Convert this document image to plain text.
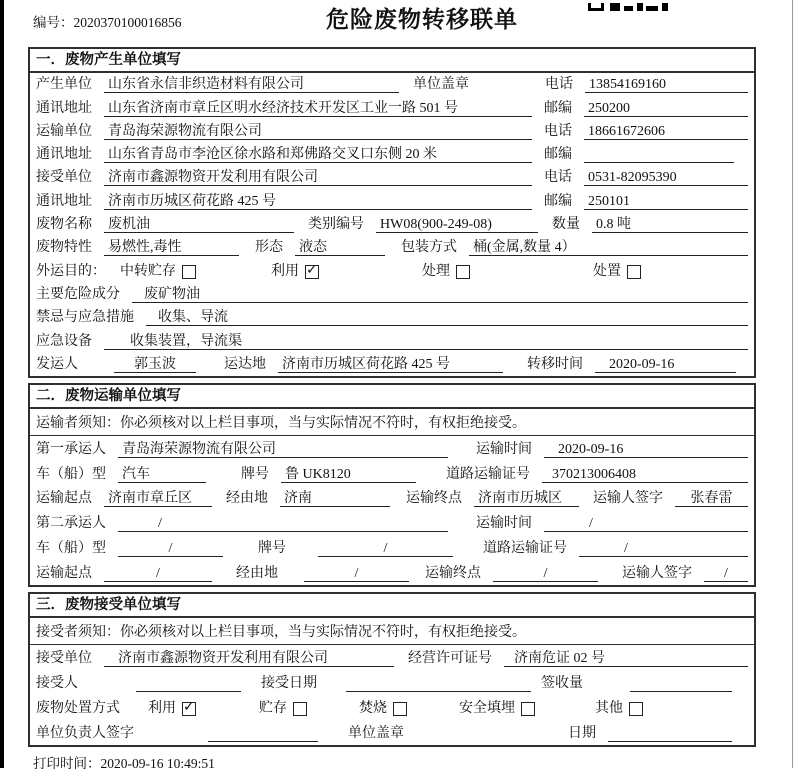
编号：2020370100016856	危险废物转移联单
一．废物产生单位填写
产生单位 山东省永信非织造材料有限公司	单位盖章	电话 13854169160
通讯地址 山东省济南市章丘区明水经济技术开发区工业一路 501 号	邮编 250200
运输单位 青岛海荣源物流有限公司	电话 18661672606
通讯地址 山东省青岛市李沧区徐水路和郑佛路交叉口东侧 20 米	邮编
接受单位 济南市鑫源物资开发利用有限公司	电话 0531-82095390
通讯地址 济南市历城区荷花路 425 号	邮编 250101
废物名称 废机油	类别编号 HW08(900-249-08)	数量 0.8 吨
废物特性 易燃性,毒性	形态 液态	包装方式 桶(金属,数量 4）
外运目的： 中转贮存	利用 ✓	处理	处置
主要危险成分	废矿物油
禁忌与应急措施	收集、导流
应急设备	收集装置，导流渠
发运人	郭玉波	运达地 济南市历城区荷花路 425 号	转移时间	2020-09-16
二．废物运输单位填写
运输者须知：你必须核对以上栏目事项，当与实际情况不符时，有权拒绝接受。
第一承运人 青岛海荣源物流有限公司	运输时间	2020-09-16
车（船）型 汽车	牌号 鲁 UK8120	道路运输证号	370213006408
运输起点 济南市章丘区	经由地 济南	运输终点 济南市历城区	运输人签字	张春雷
第二承运人	/	运输时间	/
车（船）型	/	牌号	/	道路运输证号	/
运输起点	/	经由地	/	运输终点	/	运输人签字	/
三．废物接受单位填写
接受者须知：你必须核对以上栏目事项，当与实际情况不符时，有权拒绝接受。
接受单位	济南市鑫源物资开发利用有限公司	经营许可证号	济南危证 02 号
接受人	接受日期	签收量
废物处置方式 利用 ✓	贮存	焚烧	安全填埋	其他
单位负责人签字	单位盖章	日期
打印时间：2020-09-16 10:49:51
